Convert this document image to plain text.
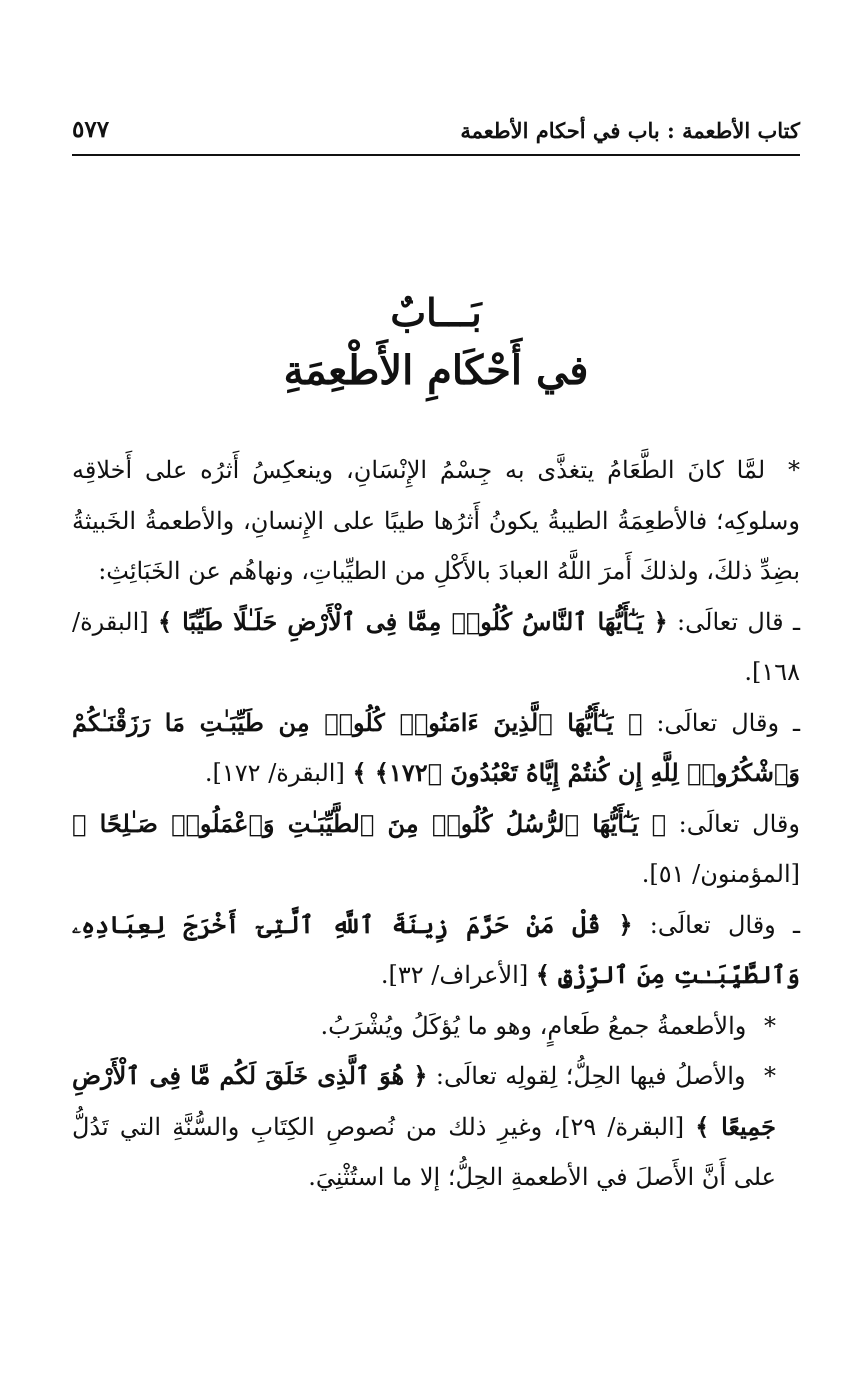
كتاب الأطعمة : باب في أحكام الأطعمة
٥٧٧
بَـــابٌ
في أَحْكَامِ الأَطْعِمَةِ

* لمَّا كانَ الطَّعَامُ يتغذَّى به جِسْمُ الإِنْسَانِ، وينعكِسُ أَثرُه على أَخلاقِه وسلوكِه؛ فالأطعِمَةُ الطيبةُ يكونُ أَثرُها طيبًا على الإِنسانِ، والأطعمةُ الخَبيثةُ بضِدِّ ذلكَ، ولذلكَ أَمرَ اللَّهُ العبادَ بالأَكْلِ من الطيِّباتِ، ونهاهُم عن الخَبَائِثِ:

ـ قال تعالَى: ﴿ يَـٰٓأَيُّهَا ٱلنَّاسُ كُلُوا۟ مِمَّا فِى ٱلْأَرْضِ حَلَـٰلًا طَيِّبًا ﴾ [البقرة/ ١٦٨].

ـ وقال تعالَى: ﴿ يَـٰٓأَيُّهَا ٱلَّذِينَ ءَامَنُوا۟ كُلُوا۟ مِن طَيِّبَـٰتِ مَا رَزَقْنَـٰكُمْ وَٱشْكُرُوا۟ لِلَّهِ إِن كُنتُمْ إِيَّاهُ تَعْبُدُونَ ﴿١٧٢﴾ ﴾ [البقرة/ ١٧٢].

وقال تعالَى: ﴿ يَـٰٓأَيُّهَا ٱلرُّسُلُ كُلُوا۟ مِنَ ٱلطَّيِّبَـٰتِ وَٱعْمَلُوا۟ صَـٰلِحًا ﴾ [المؤمنون/ ٥١].

ـ وقال تعالَى: ﴿ قُلْ مَنْ حَرَّمَ زِينَةَ ٱللَّهِ ٱلَّتِىٓ أَخْرَجَ لِعِبَادِهِۦ وَٱلطَّيِّبَـٰتِ مِنَ ٱلرِّزْقِ ﴾ [الأعراف/ ٣٢].

* والأطعمةُ جمعُ طَعامٍ، وهو ما يُؤكَلُ ويُشْرَبُ.

* والأصلُ فيها الحِلُّ؛ لِقولِه تعالَى: ﴿ هُوَ ٱلَّذِى خَلَقَ لَكُم مَّا فِى ٱلْأَرْضِ جَمِيعًا ﴾ [البقرة/ ٢٩]، وغيرِ ذلك من نُصوصِ الكِتَابِ والسُّنَّةِ التي تَدُلُّ على أَنَّ الأَصلَ في الأطعمةِ الحِلُّ؛ إلا ما استُثْنِيَ.
